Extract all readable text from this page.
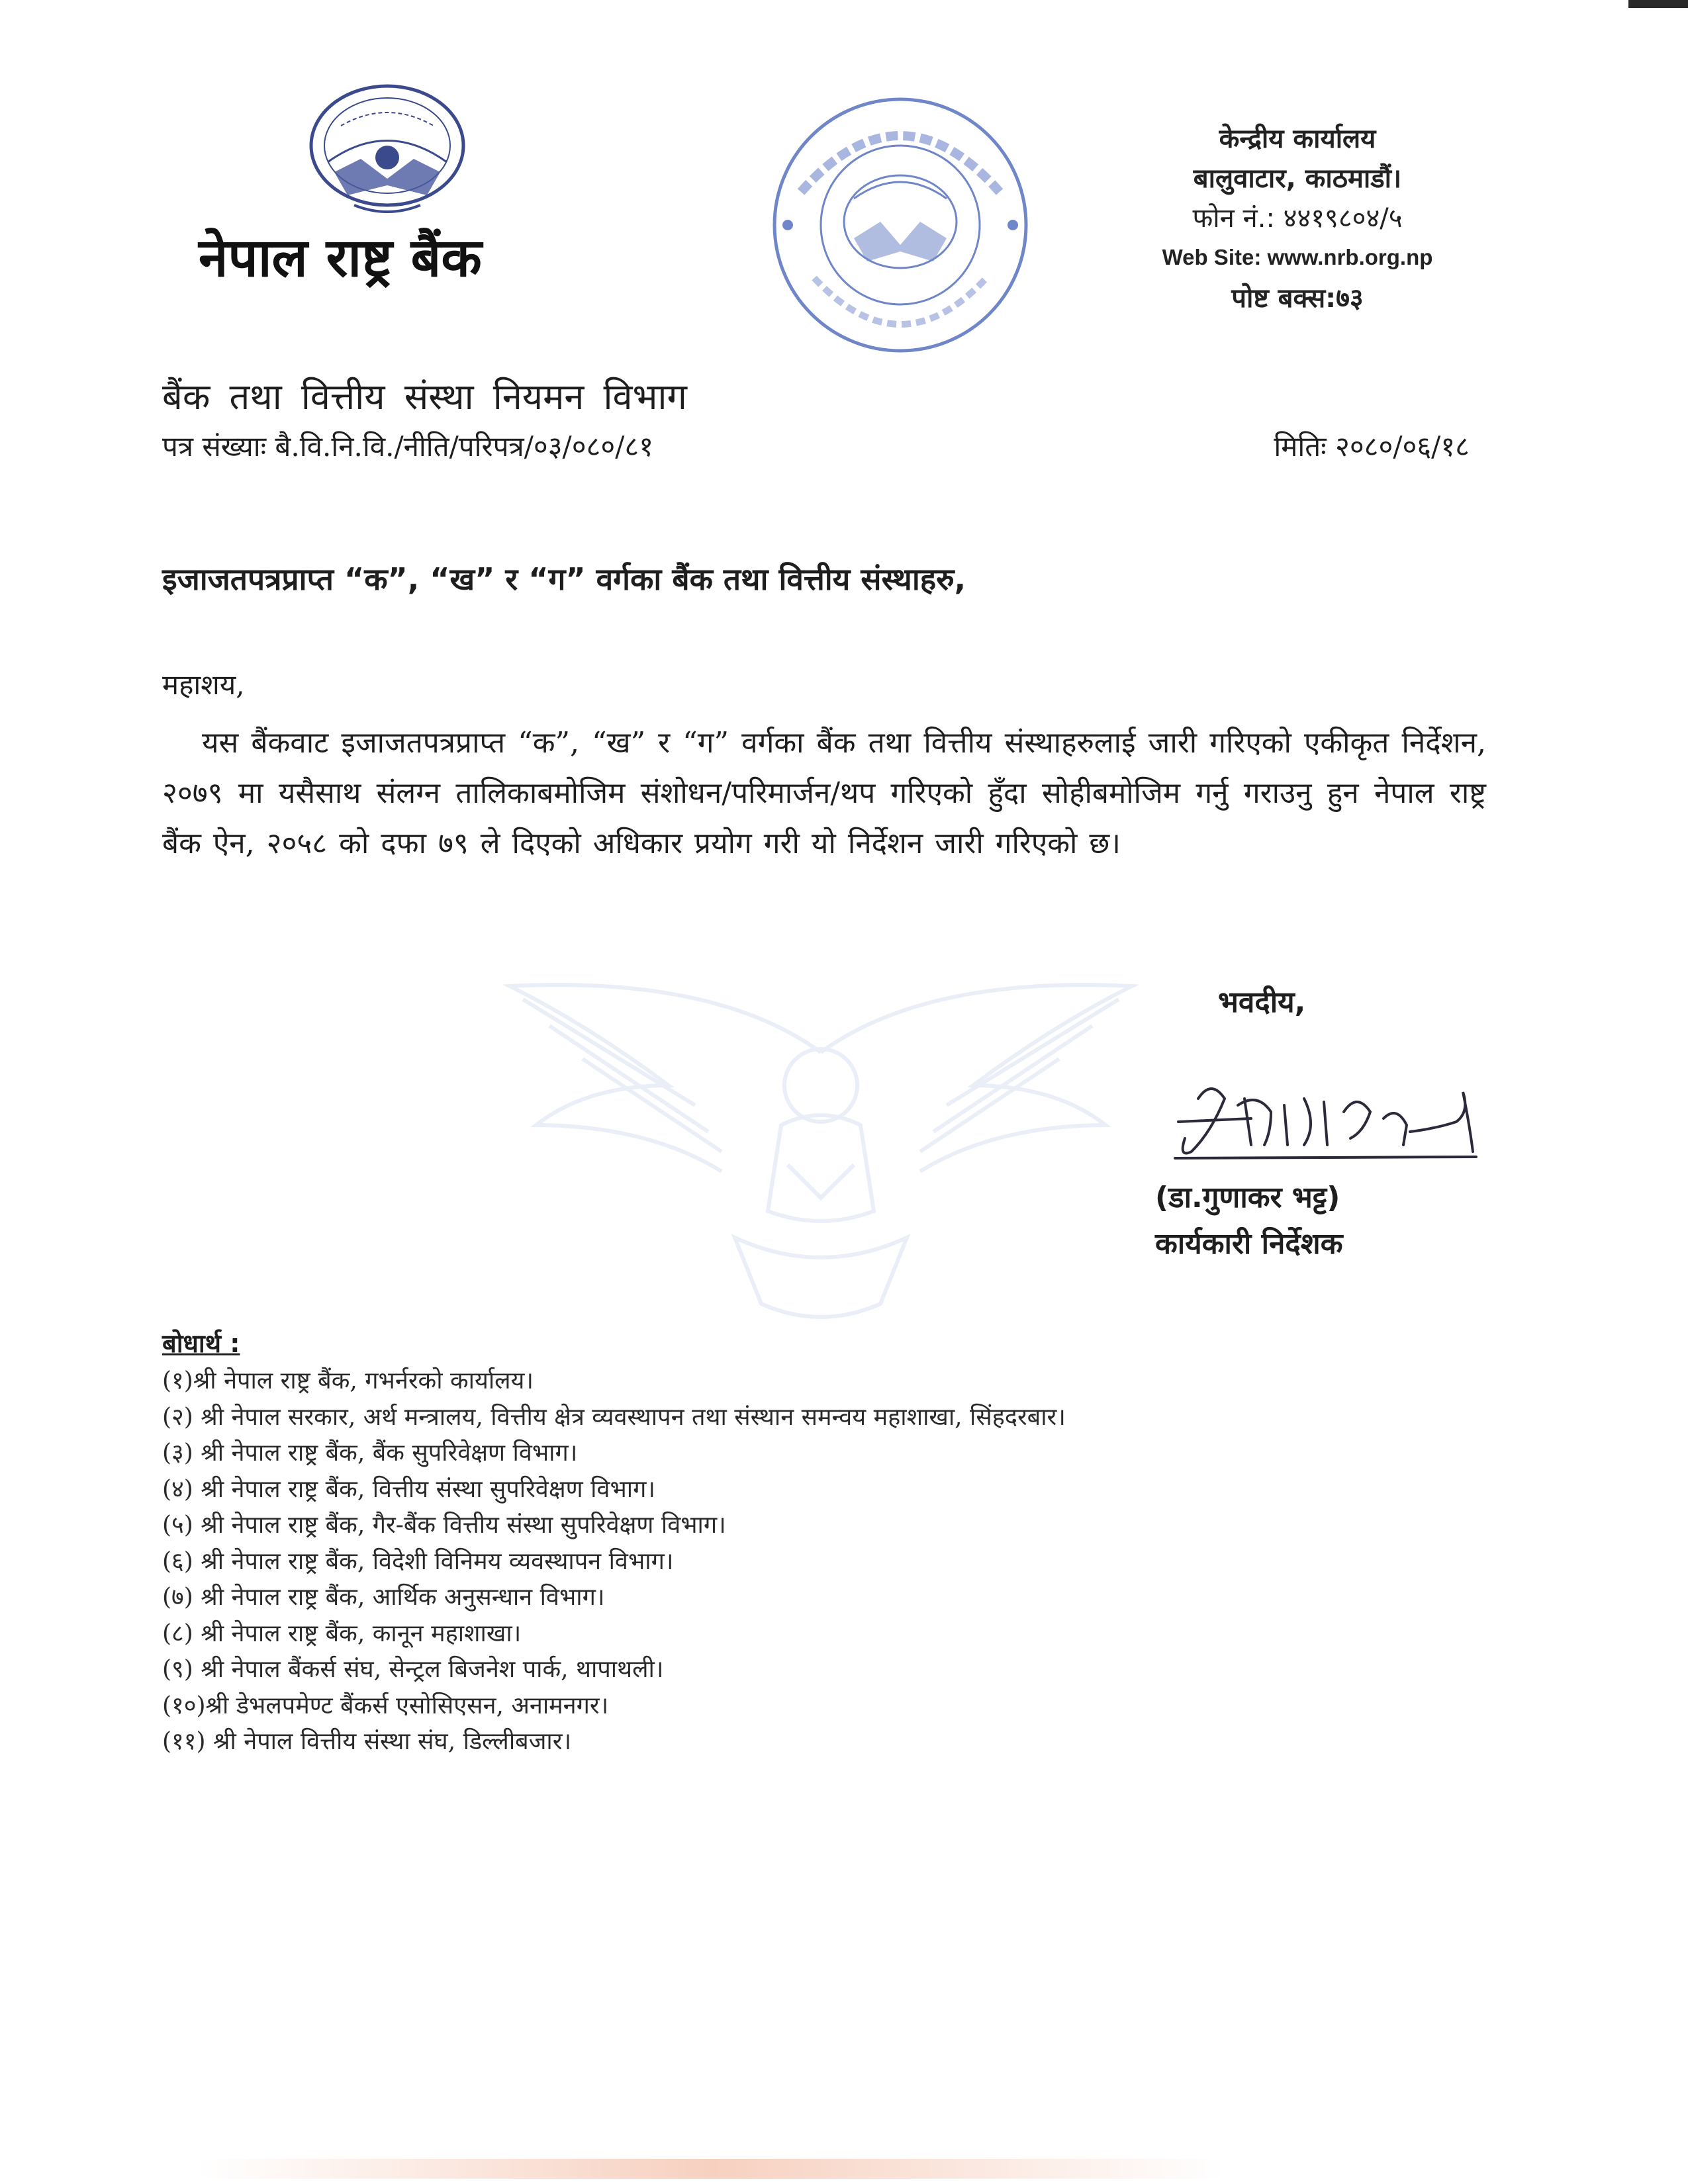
नेपाल राष्ट्र बैंक
केन्द्रीय कार्यालय
बालुवाटार, काठमाडौं।
फोन नं.: ४४१९८०४/५
Web Site: www.nrb.org.np
पोष्ट बक्स:७३
बैंक तथा वित्तीय संस्था नियमन विभाग
पत्र संख्याः बै.वि.नि.वि./नीति/परिपत्र/०३/०८०/८१	मितिः २०८०/०६/१८
इजाजतपत्रप्राप्त “क”, “ख” र “ग” वर्गका बैंक तथा वित्तीय संस्थाहरु,
महाशय,
यस बैंकवाट इजाजतपत्रप्राप्त “क”, “ख” र “ग” वर्गका बैंक तथा वित्तीय संस्थाहरुलाई जारी गरिएको एकीकृत निर्देशन, २०७९ मा यसैसाथ संलग्न तालिकाबमोजिम संशोधन/परिमार्जन/थप गरिएको हुँदा सोहीबमोजिम गर्नु गराउनु हुन नेपाल राष्ट्र बैंक ऐन, २०५८ को दफा ७९ ले दिएको अधिकार प्रयोग गरी यो निर्देशन जारी गरिएको छ।
भवदीय,
(डा.गुणाकर भट्ट)
कार्यकारी निर्देशक
बोधार्थ :
(१)श्री नेपाल राष्ट्र बैंक, गभर्नरको कार्यालय।
(२) श्री नेपाल सरकार, अर्थ मन्त्रालय, वित्तीय क्षेत्र व्यवस्थापन तथा संस्थान समन्वय महाशाखा, सिंहदरबार।
(३) श्री नेपाल राष्ट्र बैंक, बैंक सुपरिवेक्षण विभाग।
(४) श्री नेपाल राष्ट्र बैंक, वित्तीय संस्था सुपरिवेक्षण विभाग।
(५) श्री नेपाल राष्ट्र बैंक, गैर-बैंक वित्तीय संस्था सुपरिवेक्षण विभाग।
(६) श्री नेपाल राष्ट्र बैंक, विदेशी विनिमय व्यवस्थापन विभाग।
(७) श्री नेपाल राष्ट्र बैंक, आर्थिक अनुसन्धान विभाग।
(८) श्री नेपाल राष्ट्र बैंक, कानून महाशाखा।
(९) श्री नेपाल बैंकर्स संघ, सेन्ट्रल बिजनेश पार्क, थापाथली।
(१०)श्री डेभलपमेण्ट बैंकर्स एसोसिएसन, अनामनगर।
(११) श्री नेपाल वित्तीय संस्था संघ, डिल्लीबजार।
